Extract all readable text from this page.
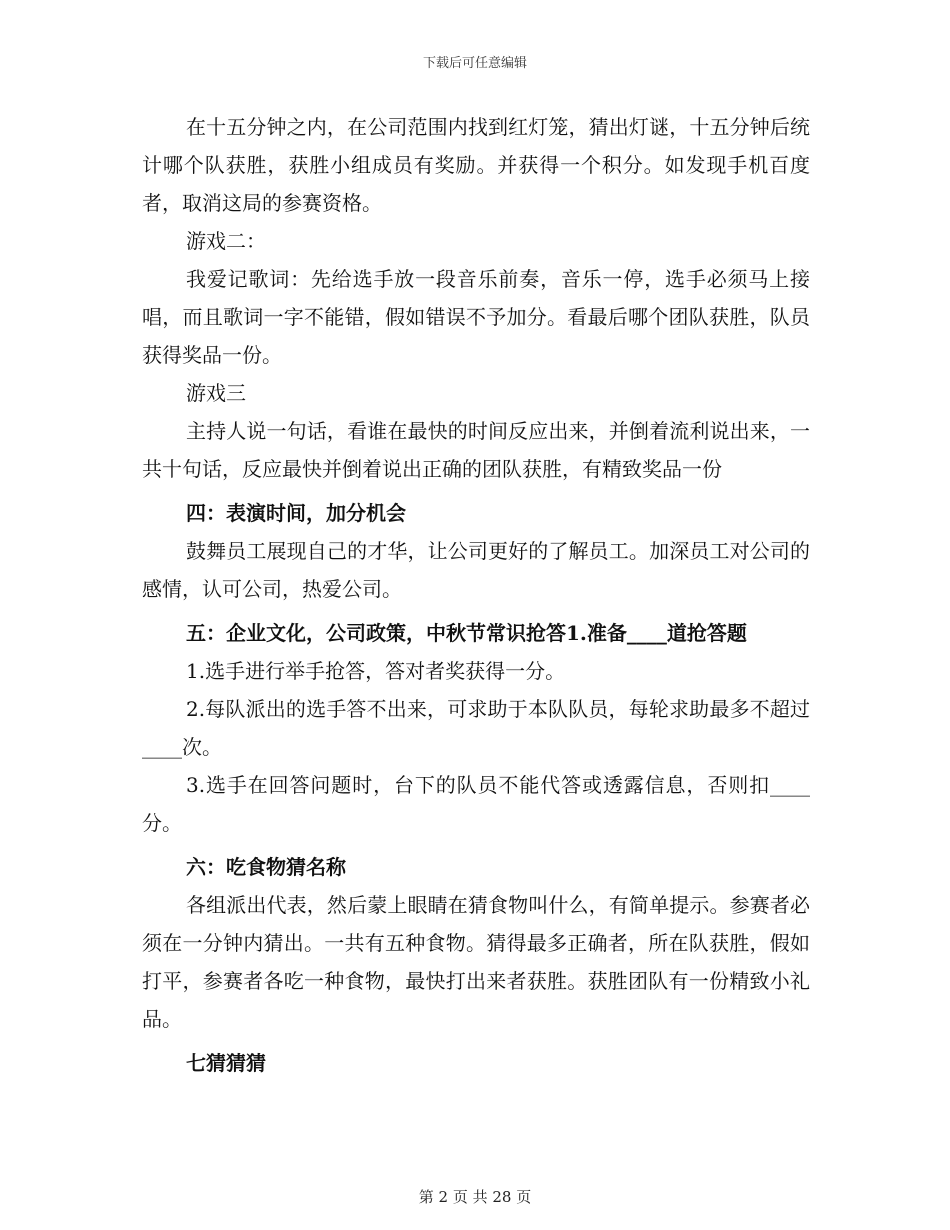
下载后可任意编辑

在十五分钟之内，在公司范围内找到红灯笼，猜出灯谜，十五分钟后统计哪个队获胜，获胜小组成员有奖励。并获得一个积分。如发现手机百度者，取消这局的参赛资格。

游戏二：

我爱记歌词：先给选手放一段音乐前奏，音乐一停，选手必须马上接唱，而且歌词一字不能错，假如错误不予加分。看最后哪个团队获胜，队员获得奖品一份。

游戏三

主持人说一句话，看谁在最快的时间反应出来，并倒着流利说出来，一共十句话，反应最快并倒着说出正确的团队获胜，有精致奖品一份

四：表演时间，加分机会

鼓舞员工展现自己的才华，让公司更好的了解员工。加深员工对公司的感情，认可公司，热爱公司。

五：企业文化，公司政策，中秋节常识抢答1.准备____道抢答题

1.选手进行举手抢答，答对者奖获得一分。

2.每队派出的选手答不出来，可求助于本队队员，每轮求助最多不超过____次。

3.选手在回答问题时，台下的队员不能代答或透露信息，否则扣____分。

六：吃食物猜名称

各组派出代表，然后蒙上眼睛在猜食物叫什么，有简单提示。参赛者必须在一分钟内猜出。一共有五种食物。猜得最多正确者，所在队获胜，假如打平，参赛者各吃一种食物，最快打出来者获胜。获胜团队有一份精致小礼品。

七猜猜猜

第 2 页 共 28 页
